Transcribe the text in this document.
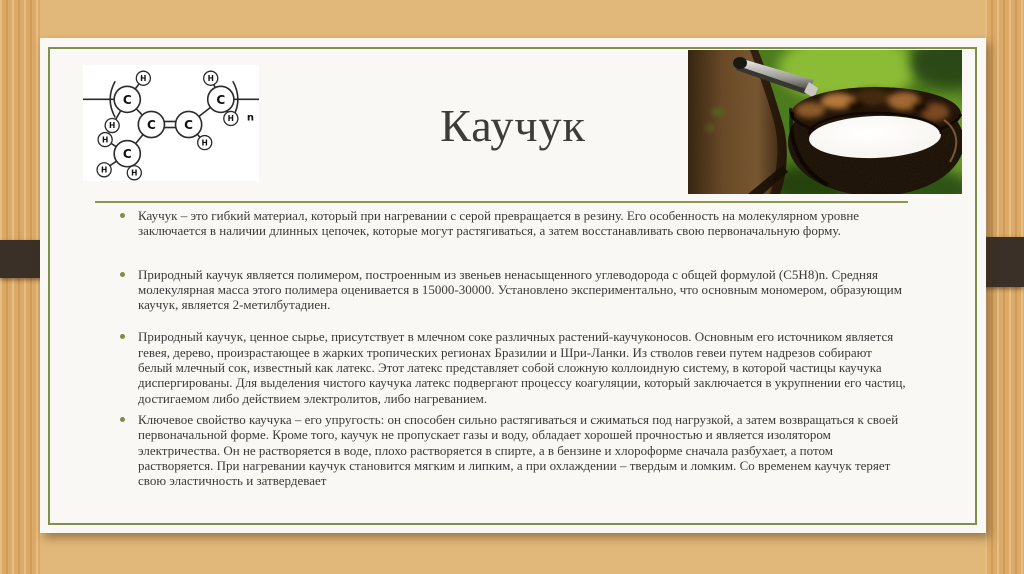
C
C C
C
C
H
H
H
H
H
H
H	H
n	Каучук
Каучук – это гибкий материал, который при нагревании с серой превращается в резину. Его особенность на молекулярном уровне заключается в наличии длинных цепочек, которые могут растягиваться, а затем восстанавливать свою первоначальную форму.
Природный каучук является полимером, построенным из звеньев ненасыщенного углеводорода с общей формулой (С5Н8)n. Средняя молекулярная масса этого полимера оценивается в 15000-30000. Установлено экспериментально, что основным мономером, образующим каучук, является 2-метилбутадиен.
Природный каучук, ценное сырье, присутствует в млечном соке различных растений-каучуконосов. Основным его источником является гевея, дерево, произрастающее в жарких тропических регионах Бразилии и Шри-Ланки. Из стволов гевеи путем надрезов собирают белый млечный сок, известный как латекс. Этот латекс представляет собой сложную коллоидную систему, в которой частицы каучука диспергированы. Для выделения чистого каучука латекс подвергают процессу коагуляции, который заключается в укрупнении его частиц, достигаемом либо действием электролитов, либо нагреванием.
Ключевое свойство каучука – его упругость: он способен сильно растягиваться и сжиматься под нагрузкой, а затем возвращаться к своей первоначальной форме. Кроме того, каучук не пропускает газы и воду, обладает хорошей прочностью и является изолятором электричества. Он не растворяется в воде, плохо растворяется в спирте, а в бензине и хлороформе сначала разбухает, а потом растворяется. При нагревании каучук становится мягким и липким, а при охлаждении – твердым и ломким. Со временем каучук теряет свою эластичность и затвердевает
